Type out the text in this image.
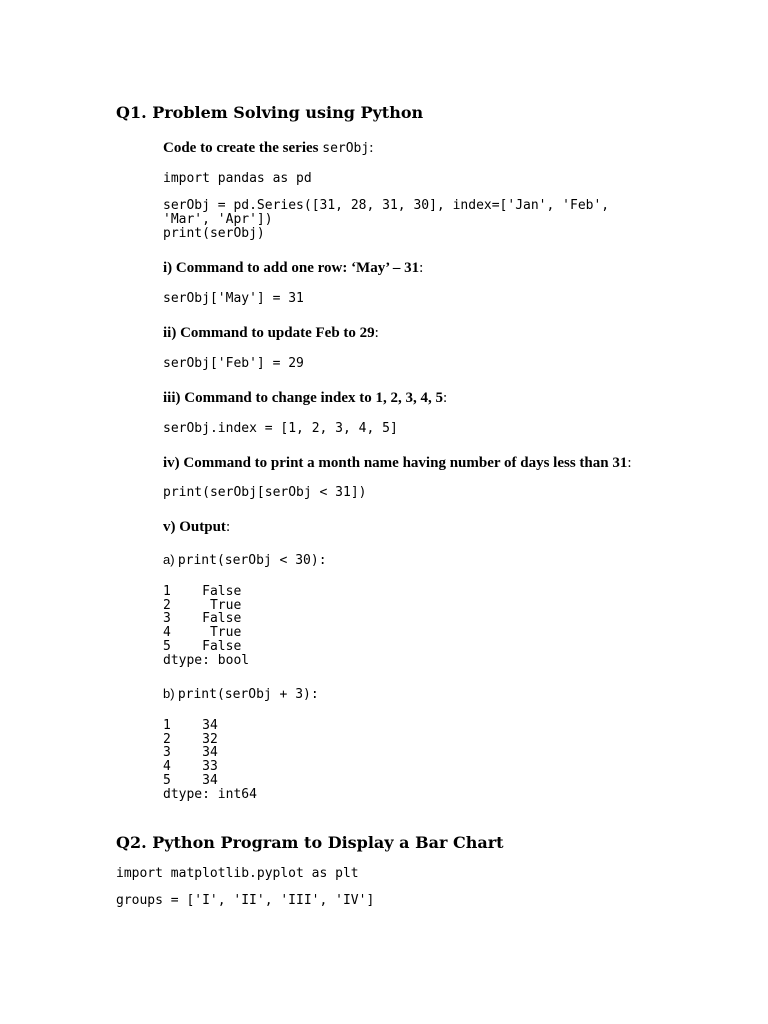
Q1. Problem Solving using Python
Code to create the series serObj:
import pandas as pd

serObj = pd.Series([31, 28, 31, 30], index=['Jan', 'Feb',
'Mar', 'Apr'])
print(serObj)
i) Command to add one row: ‘May’ – 31:
serObj['May'] = 31
ii) Command to update Feb to 29:
serObj['Feb'] = 29
iii) Command to change index to 1, 2, 3, 4, 5:
serObj.index = [1, 2, 3, 4, 5]
iv) Command to print a month name having number of days less than 31:
print(serObj[serObj < 31])
v) Output:
a) print(serObj < 30):
1    False
2     True
3    False
4     True
5    False
dtype: bool
b) print(serObj + 3):
1    34
2    32
3    34
4    33
5    34
dtype: int64
Q2. Python Program to Display a Bar Chart
import matplotlib.pyplot as plt

groups = ['I', 'II', 'III', 'IV']
